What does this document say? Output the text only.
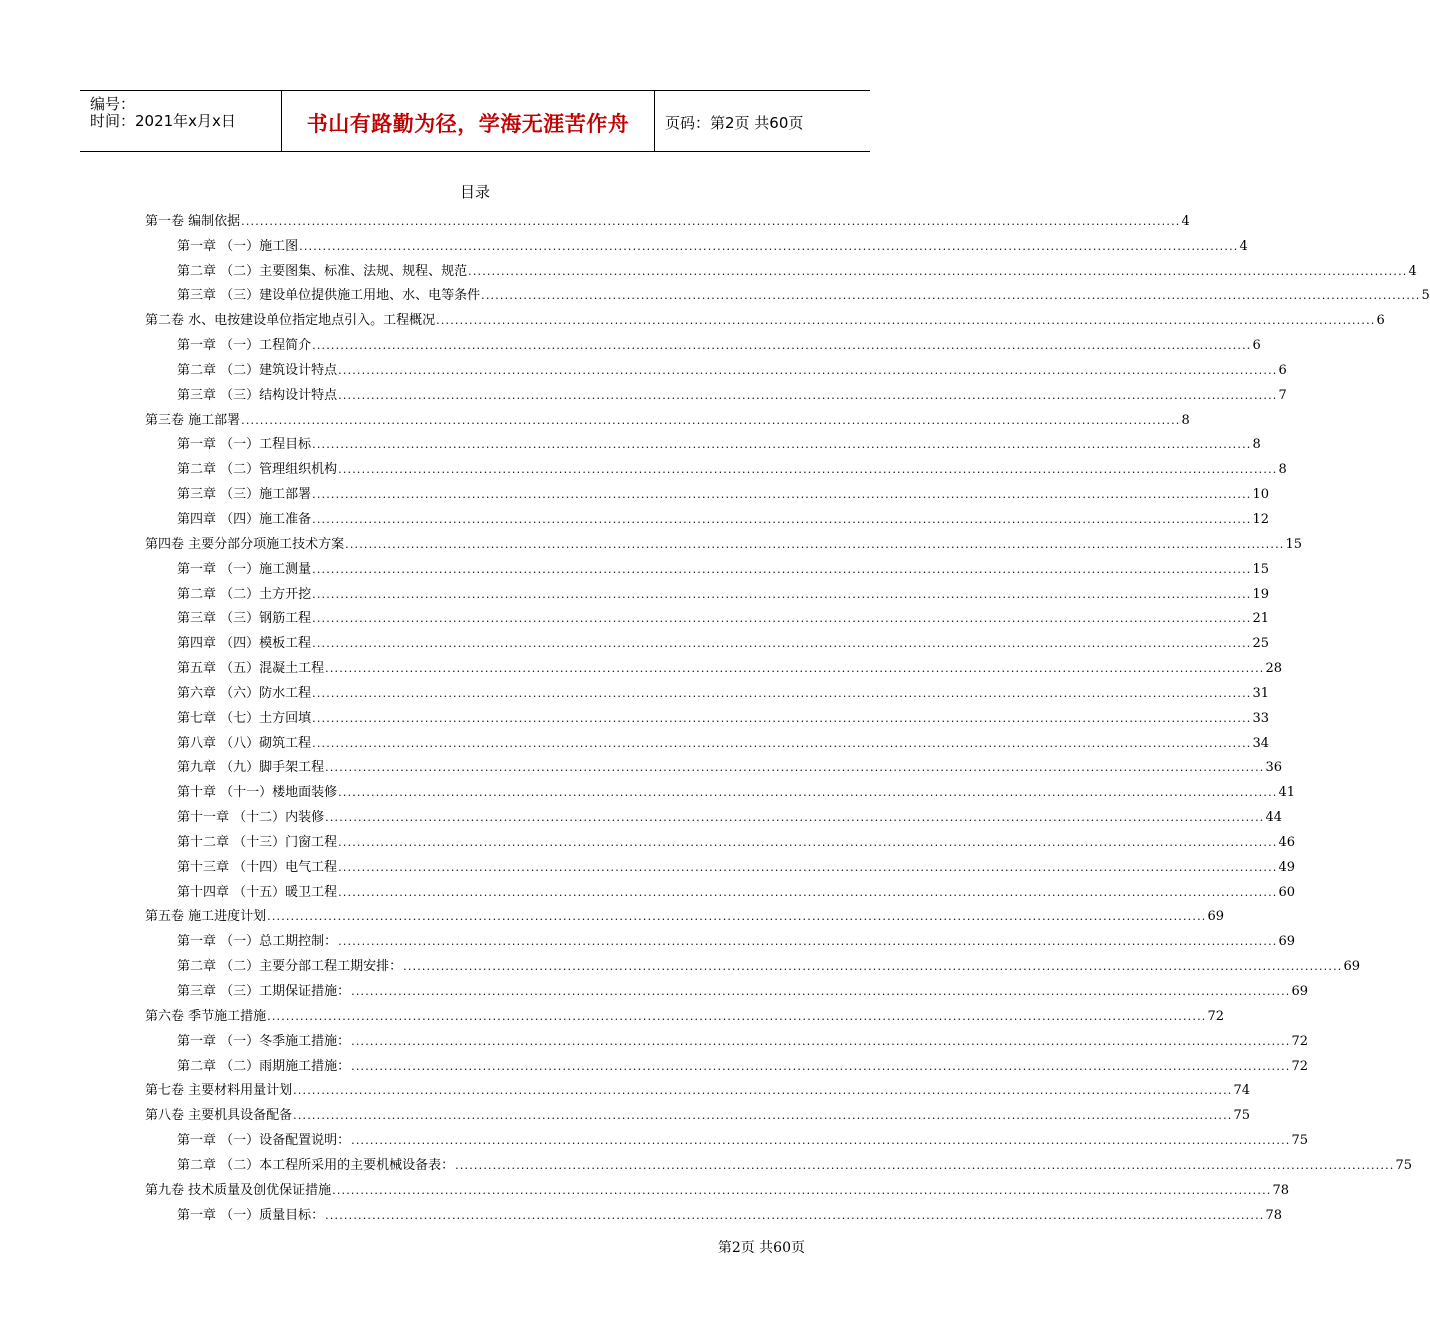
编号：
时间：2021年x月x日	书山有路勤为径，学海无涯苦作舟	页码：第2页 共60页
目录
第一卷 编制依据 ........................................................................................................................................................................................................ 4
第一章 （一）施工图 ........................................................................................................................................................................................................ 4
第二章 （二）主要图集、标准、法规、规程、规范 ........................................................................................................................................................................................................ 4
第三章 （三）建设单位提供施工用地、水、电等条件 ........................................................................................................................................................................................................ 5
第二卷 水、电按建设单位指定地点引入。工程概况 ........................................................................................................................................................................................................ 6
第一章 （一）工程简介 ........................................................................................................................................................................................................ 6
第二章 （二）建筑设计特点 ........................................................................................................................................................................................................ 6
第三章 （三）结构设计特点 ........................................................................................................................................................................................................ 7
第三卷 施工部署 ........................................................................................................................................................................................................ 8
第一章 （一）工程目标 ........................................................................................................................................................................................................ 8
第二章 （二）管理组织机构 ........................................................................................................................................................................................................ 8
第三章 （三）施工部署 ........................................................................................................................................................................................................ 10
第四章 （四）施工准备 ........................................................................................................................................................................................................ 12
第四卷 主要分部分项施工技术方案 ........................................................................................................................................................................................................ 15
第一章 （一）施工测量 ........................................................................................................................................................................................................ 15
第二章 （二）土方开挖 ........................................................................................................................................................................................................ 19
第三章 （三）钢筋工程 ........................................................................................................................................................................................................ 21
第四章 （四）模板工程 ........................................................................................................................................................................................................ 25
第五章 （五）混凝土工程 ........................................................................................................................................................................................................ 28
第六章 （六）防水工程 ........................................................................................................................................................................................................ 31
第七章 （七）土方回填 ........................................................................................................................................................................................................ 33
第八章 （八）砌筑工程 ........................................................................................................................................................................................................ 34
第九章 （九）脚手架工程 ........................................................................................................................................................................................................ 36
第十章 （十一）楼地面装修 ........................................................................................................................................................................................................ 41
第十一章 （十二）内装修 ........................................................................................................................................................................................................ 44
第十二章 （十三）门窗工程 ........................................................................................................................................................................................................ 46
第十三章 （十四）电气工程 ........................................................................................................................................................................................................ 49
第十四章 （十五）暖卫工程 ........................................................................................................................................................................................................ 60
第五卷 施工进度计划 ........................................................................................................................................................................................................ 69
第一章 （一）总工期控制： ........................................................................................................................................................................................................ 69
第二章 （二）主要分部工程工期安排： ........................................................................................................................................................................................................ 69
第三章 （三）工期保证措施： ........................................................................................................................................................................................................ 69
第六卷 季节施工措施 ........................................................................................................................................................................................................ 72
第一章 （一）冬季施工措施： ........................................................................................................................................................................................................ 72
第二章 （二）雨期施工措施： ........................................................................................................................................................................................................ 72
第七卷 主要材料用量计划 ........................................................................................................................................................................................................ 74
第八卷 主要机具设备配备 ........................................................................................................................................................................................................ 75
第一章 （一）设备配置说明： ........................................................................................................................................................................................................ 75
第二章 （二）本工程所采用的主要机械设备表： ........................................................................................................................................................................................................ 75
第九卷 技术质量及创优保证措施 ........................................................................................................................................................................................................ 78
第一章 （一）质量目标： ........................................................................................................................................................................................................ 78
第2页 共60页
